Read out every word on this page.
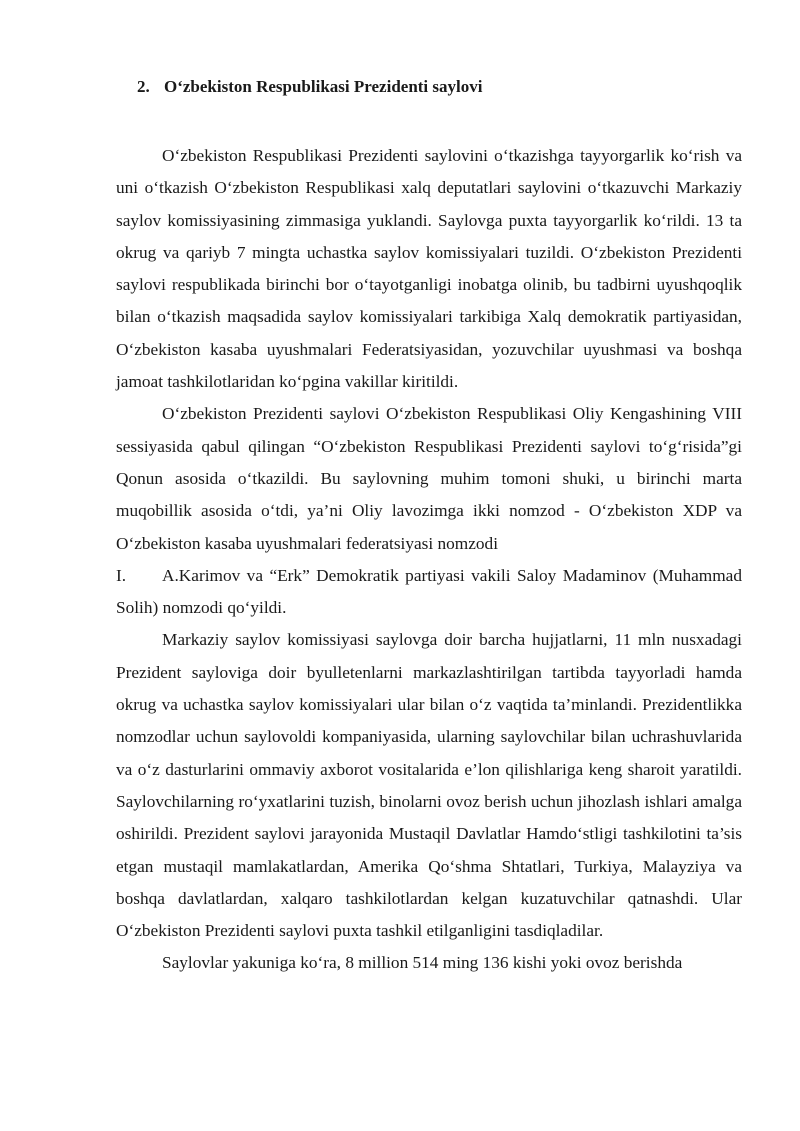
2. O‘zbekiston Respublikasi Prezidenti saylovi

O‘zbekiston Respublikasi Prezidenti saylovini o‘tkazishga tayyorgarlik ko‘rish va uni o‘tkazish O‘zbekiston Respublikasi xalq deputatlari saylovini o‘tkazuvchi Markaziy saylov komissiyasining zimmasiga yuklandi. Saylovga puxta tayyorgarlik ko‘rildi. 13 ta okrug va qariyb 7 mingta uchastka saylov komissiyalari tuzildi. O‘zbekiston Prezidenti saylovi respublikada birinchi bor o‘tayotganligi inobatga olinib, bu tadbirni uyushqoqlik bilan o‘tkazish maqsadida saylov komissiyalari tarkibiga Xalq demokratik partiyasidan, O‘zbekiston kasaba uyushmalari Federatsiyasidan, yozuvchilar uyushmasi va boshqa jamoat tashkilotlaridan ko‘pgina vakillar kiritildi.

O‘zbekiston Prezidenti saylovi O‘zbekiston Respublikasi Oliy Kengashining VIII sessiyasida qabul qilingan “O‘zbekiston Respublikasi Prezidenti saylovi to‘g‘risida”gi Qonun asosida o‘tkazildi. Bu saylovning muhim tomoni shuki, u birinchi marta muqobillik asosida o‘tdi, ya’ni Oliy lavozimga ikki nomzod - O‘zbekiston XDP va O‘zbekiston kasaba uyushmalari federatsiyasi nomzodi

I. A.Karimov va “Erk” Demokratik partiyasi vakili Saloy Madaminov (Muhammad Solih) nomzodi qo‘yildi.

Markaziy saylov komissiyasi saylovga doir barcha hujjatlarni, 11 mln nusxadagi Prezident sayloviga doir byulletenlarni markazlashtirilgan tartibda tayyorladi hamda okrug va uchastka saylov komissiyalari ular bilan o‘z vaqtida ta’minlandi. Prezidentlikka nomzodlar uchun saylovoldi kompaniyasida, ularning saylovchilar bilan uchrashuvlarida va o‘z dasturlarini ommaviy axborot vositalarida e’lon qilishlariga keng sharoit yaratildi. Saylovchilarning ro‘yxatlarini tuzish, binolarni ovoz berish uchun jihozlash ishlari amalga oshirildi. Prezident saylovi jarayonida Mustaqil Davlatlar Hamdo‘stligi tashkilotini ta’sis etgan mustaqil mamlakatlardan, Amerika Qo‘shma Shtatlari, Turkiya, Malayziya va boshqa davlatlardan, xalqaro tashkilotlardan kelgan kuzatuvchilar qatnashdi. Ular O‘zbekiston Prezidenti saylovi puxta tashkil etilganligini tasdiqladilar.

Saylovlar yakuniga ko‘ra, 8 million 514 ming 136 kishi yoki ovoz berishda
